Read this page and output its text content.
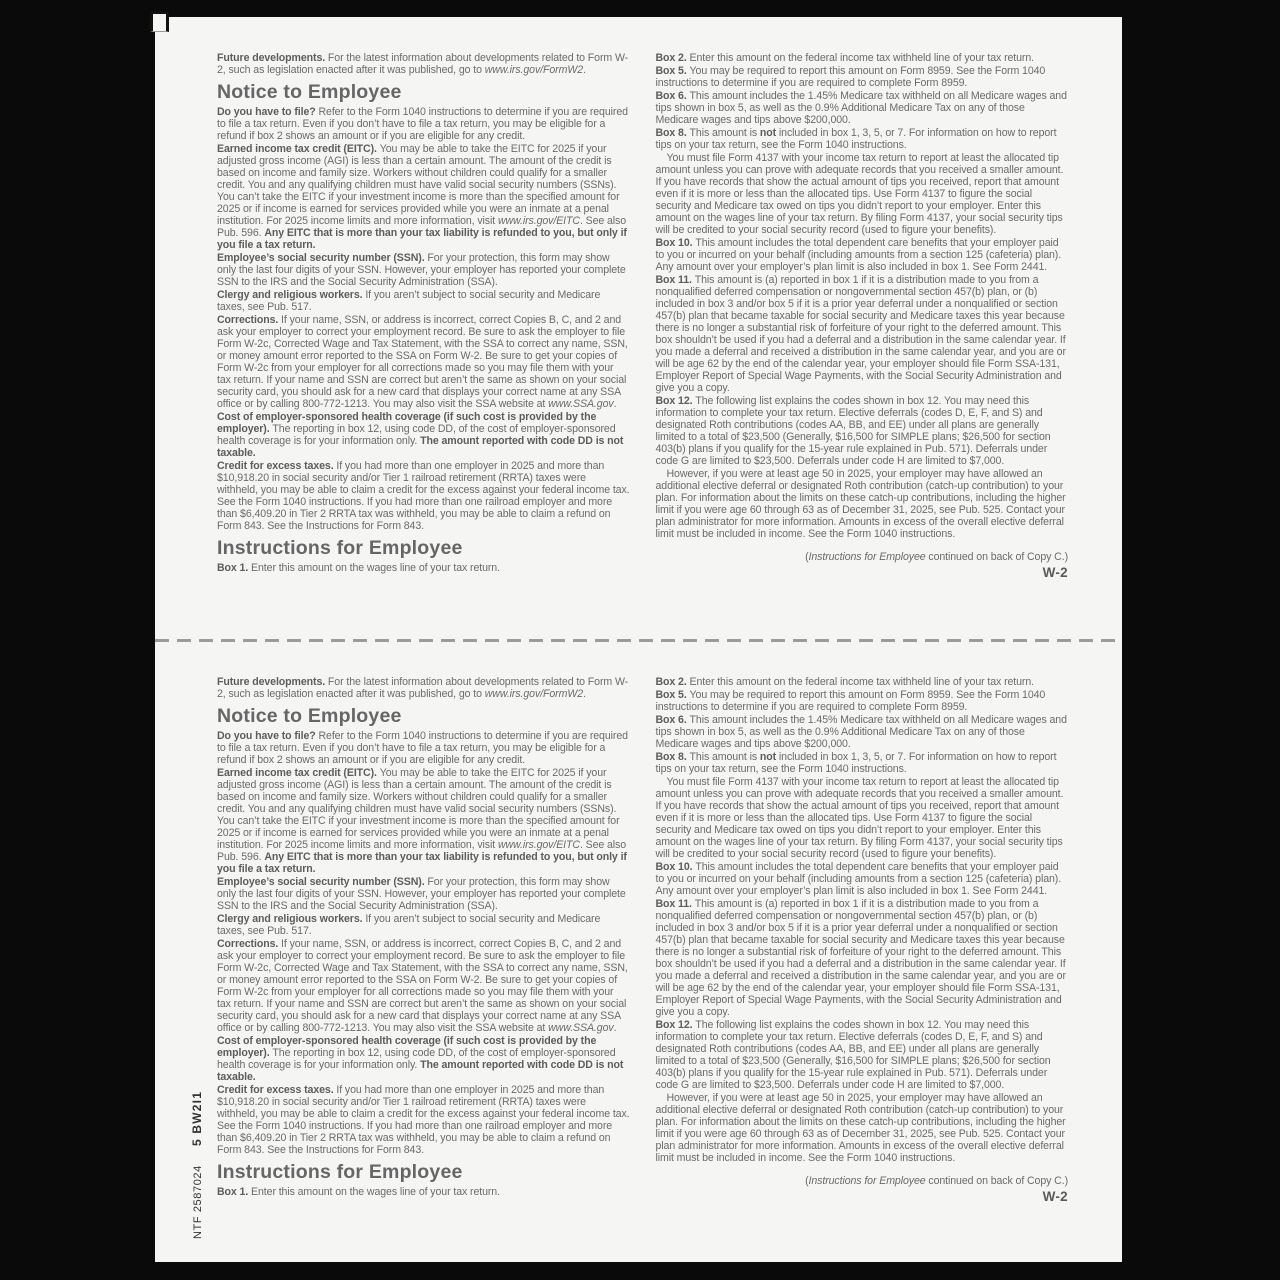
Future developments. For the latest information about developments related to Form W-2, such as legislation enacted after it was published, go to www.irs.gov/FormW2.

Notice to Employee

Do you have to file? Refer to the Form 1040 instructions to determine if you are required to file a tax return. Even if you don’t have to file a tax return, you may be eligible for a refund if box 2 shows an amount or if you are eligible for any credit.

Earned income tax credit (EITC). You may be able to take the EITC for 2025 if your adjusted gross income (AGI) is less than a certain amount. The amount of the credit is based on income and family size. Workers without children could qualify for a smaller credit. You and any qualifying children must have valid social security numbers (SSNs). You can’t take the EITC if your investment income is more than the specified amount for 2025 or if income is earned for services provided while you were an inmate at a penal institution. For 2025 income limits and more information, visit www.irs.gov/EITC. See also Pub. 596. Any EITC that is more than your tax liability is refunded to you, but only if you file a tax return.

Employee’s social security number (SSN). For your protection, this form may show only the last four digits of your SSN. However, your employer has reported your complete SSN to the IRS and the Social Security Administration (SSA).

Clergy and religious workers. If you aren’t subject to social security and Medicare taxes, see Pub. 517.

Corrections. If your name, SSN, or address is incorrect, correct Copies B, C, and 2 and ask your employer to correct your employment record. Be sure to ask the employer to file Form W-2c, Corrected Wage and Tax Statement, with the SSA to correct any name, SSN, or money amount error reported to the SSA on Form W-2. Be sure to get your copies of Form W-2c from your employer for all corrections made so you may file them with your tax return. If your name and SSN are correct but aren’t the same as shown on your social security card, you should ask for a new card that displays your correct name at any SSA office or by calling 800-772-1213. You may also visit the SSA website at www.SSA.gov.

Cost of employer-sponsored health coverage (if such cost is provided by the employer). The reporting in box 12, using code DD, of the cost of employer-sponsored health coverage is for your information only. The amount reported with code DD is not taxable.

Credit for excess taxes. If you had more than one employer in 2025 and more than $10,918.20 in social security and/or Tier 1 railroad retirement (RRTA) taxes were withheld, you may be able to claim a credit for the excess against your federal income tax. See the Form 1040 instructions. If you had more than one railroad employer and more than $6,409.20 in Tier 2 RRTA tax was withheld, you may be able to claim a refund on Form 843. See the Instructions for Form 843.

Instructions for Employee

Box 1. Enter this amount on the wages line of your tax return.

Box 2. Enter this amount on the federal income tax withheld line of your tax return.

Box 5. You may be required to report this amount on Form 8959. See the Form 1040 instructions to determine if you are required to complete Form 8959.

Box 6. This amount includes the 1.45% Medicare tax withheld on all Medicare wages and tips shown in box 5, as well as the 0.9% Additional Medicare Tax on any of those Medicare wages and tips above $200,000.

Box 8. This amount is not included in box 1, 3, 5, or 7. For information on how to report tips on your tax return, see the Form 1040 instructions.

You must file Form 4137 with your income tax return to report at least the allocated tip amount unless you can prove with adequate records that you received a smaller amount. If you have records that show the actual amount of tips you received, report that amount even if it is more or less than the allocated tips. Use Form 4137 to figure the social security and Medicare tax owed on tips you didn’t report to your employer. Enter this amount on the wages line of your tax return. By filing Form 4137, your social security tips will be credited to your social security record (used to figure your benefits).

Box 10. This amount includes the total dependent care benefits that your employer paid to you or incurred on your behalf (including amounts from a section 125 (cafeteria) plan). Any amount over your employer’s plan limit is also included in box 1. See Form 2441.

Box 11. This amount is (a) reported in box 1 if it is a distribution made to you from a nonqualified deferred compensation or nongovernmental section 457(b) plan, or (b) included in box 3 and/or box 5 if it is a prior year deferral under a nonqualified or section 457(b) plan that became taxable for social security and Medicare taxes this year because there is no longer a substantial risk of forfeiture of your right to the deferred amount. This box shouldn’t be used if you had a deferral and a distribution in the same calendar year. If you made a deferral and received a distribution in the same calendar year, and you are or will be age 62 by the end of the calendar year, your employer should file Form SSA-131, Employer Report of Special Wage Payments, with the Social Security Administration and give you a copy.

Box 12. The following list explains the codes shown in box 12. You may need this information to complete your tax return. Elective deferrals (codes D, E, F, and S) and designated Roth contributions (codes AA, BB, and EE) under all plans are generally limited to a total of $23,500 (Generally, $16,500 for SIMPLE plans; $26,500 for section 403(b) plans if you qualify for the 15-year rule explained in Pub. 571). Deferrals under code G are limited to $23,500. Deferrals under code H are limited to $7,000.

However, if you were at least age 50 in 2025, your employer may have allowed an additional elective deferral or designated Roth contribution (catch-up contribution) to your plan. For information about the limits on these catch-up contributions, including the higher limit if you were age 60 through 63 as of December 31, 2025, see Pub. 525. Contact your plan administrator for more information. Amounts in excess of the overall elective deferral limit must be included in income. See the Form 1040 instructions.

(Instructions for Employee continued on back of Copy C.)

W-2

Future developments. For the latest information about developments related to Form W-2, such as legislation enacted after it was published, go to www.irs.gov/FormW2.

Notice to Employee

Do you have to file? Refer to the Form 1040 instructions to determine if you are required to file a tax return. Even if you don’t have to file a tax return, you may be eligible for a refund if box 2 shows an amount or if you are eligible for any credit.

Earned income tax credit (EITC). You may be able to take the EITC for 2025 if your adjusted gross income (AGI) is less than a certain amount. The amount of the credit is based on income and family size. Workers without children could qualify for a smaller credit. You and any qualifying children must have valid social security numbers (SSNs). You can’t take the EITC if your investment income is more than the specified amount for 2025 or if income is earned for services provided while you were an inmate at a penal institution. For 2025 income limits and more information, visit www.irs.gov/EITC. See also Pub. 596. Any EITC that is more than your tax liability is refunded to you, but only if you file a tax return.

Employee’s social security number (SSN). For your protection, this form may show only the last four digits of your SSN. However, your employer has reported your complete SSN to the IRS and the Social Security Administration (SSA).

Clergy and religious workers. If you aren’t subject to social security and Medicare taxes, see Pub. 517.

Corrections. If your name, SSN, or address is incorrect, correct Copies B, C, and 2 and ask your employer to correct your employment record. Be sure to ask the employer to file Form W-2c, Corrected Wage and Tax Statement, with the SSA to correct any name, SSN, or money amount error reported to the SSA on Form W-2. Be sure to get your copies of Form W-2c from your employer for all corrections made so you may file them with your tax return. If your name and SSN are correct but aren’t the same as shown on your social security card, you should ask for a new card that displays your correct name at any SSA office or by calling 800-772-1213. You may also visit the SSA website at www.SSA.gov.

Cost of employer-sponsored health coverage (if such cost is provided by the employer). The reporting in box 12, using code DD, of the cost of employer-sponsored health coverage is for your information only. The amount reported with code DD is not taxable.

Credit for excess taxes. If you had more than one employer in 2025 and more than $10,918.20 in social security and/or Tier 1 railroad retirement (RRTA) taxes were withheld, you may be able to claim a credit for the excess against your federal income tax. See the Form 1040 instructions. If you had more than one railroad employer and more than $6,409.20 in Tier 2 RRTA tax was withheld, you may be able to claim a refund on Form 843. See the Instructions for Form 843.

Instructions for Employee

Box 1. Enter this amount on the wages line of your tax return.

Box 2. Enter this amount on the federal income tax withheld line of your tax return.

Box 5. You may be required to report this amount on Form 8959. See the Form 1040 instructions to determine if you are required to complete Form 8959.

Box 6. This amount includes the 1.45% Medicare tax withheld on all Medicare wages and tips shown in box 5, as well as the 0.9% Additional Medicare Tax on any of those Medicare wages and tips above $200,000.

Box 8. This amount is not included in box 1, 3, 5, or 7. For information on how to report tips on your tax return, see the Form 1040 instructions.

You must file Form 4137 with your income tax return to report at least the allocated tip amount unless you can prove with adequate records that you received a smaller amount. If you have records that show the actual amount of tips you received, report that amount even if it is more or less than the allocated tips. Use Form 4137 to figure the social security and Medicare tax owed on tips you didn’t report to your employer. Enter this amount on the wages line of your tax return. By filing Form 4137, your social security tips will be credited to your social security record (used to figure your benefits).

Box 10. This amount includes the total dependent care benefits that your employer paid to you or incurred on your behalf (including amounts from a section 125 (cafeteria) plan). Any amount over your employer’s plan limit is also included in box 1. See Form 2441.

Box 11. This amount is (a) reported in box 1 if it is a distribution made to you from a nonqualified deferred compensation or nongovernmental section 457(b) plan, or (b) included in box 3 and/or box 5 if it is a prior year deferral under a nonqualified or section 457(b) plan that became taxable for social security and Medicare taxes this year because there is no longer a substantial risk of forfeiture of your right to the deferred amount. This box shouldn’t be used if you had a deferral and a distribution in the same calendar year. If you made a deferral and received a distribution in the same calendar year, and you are or will be age 62 by the end of the calendar year, your employer should file Form SSA-131, Employer Report of Special Wage Payments, with the Social Security Administration and give you a copy.

Box 12. The following list explains the codes shown in box 12. You may need this information to complete your tax return. Elective deferrals (codes D, E, F, and S) and designated Roth contributions (codes AA, BB, and EE) under all plans are generally limited to a total of $23,500 (Generally, $16,500 for SIMPLE plans; $26,500 for section 403(b) plans if you qualify for the 15-year rule explained in Pub. 571). Deferrals under code G are limited to $23,500. Deferrals under code H are limited to $7,000.

However, if you were at least age 50 in 2025, your employer may have allowed an additional elective deferral or designated Roth contribution (catch-up contribution) to your plan. For information about the limits on these catch-up contributions, including the higher limit if you were age 60 through 63 as of December 31, 2025, see Pub. 525. Contact your plan administrator for more information. Amounts in excess of the overall elective deferral limit must be included in income. See the Form 1040 instructions.

(Instructions for Employee continued on back of Copy C.)

W-2

5 BW2I1
NTF 2587024
